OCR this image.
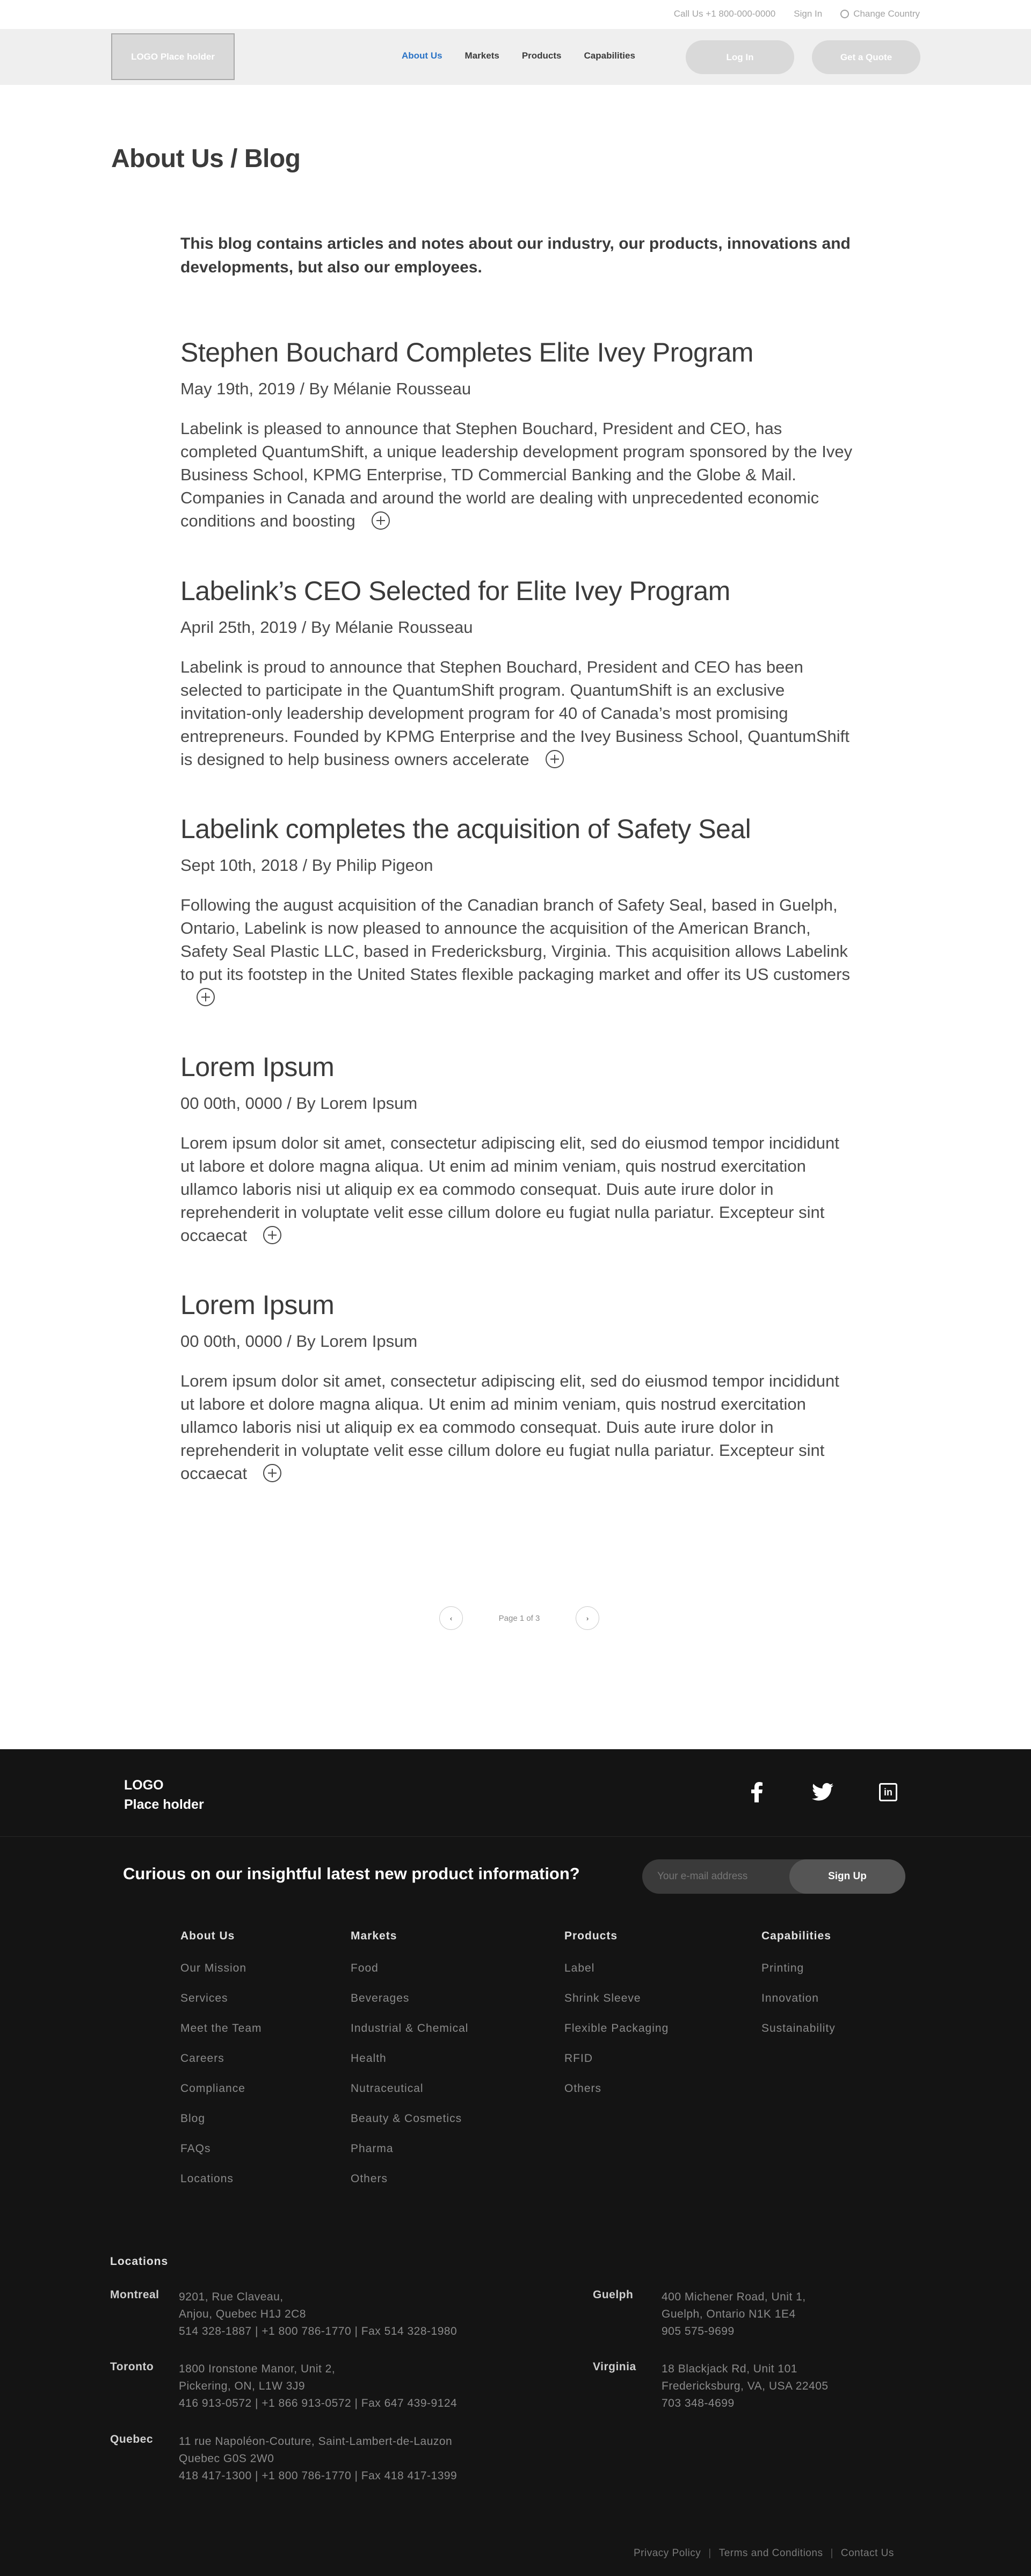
Call Us +1 800-000-0000 Sign In	Change Country
LOGO Place holder	About Us Markets Products Capabilities	Log In	Get a Quote
About Us / Blog

This blog contains articles and notes about our industry, our products, innovations and developments, but also our employees.

Stephen Bouchard Completes Elite Ivey Program
May 19th, 2019 / By Mélanie Rousseau

Labelink is pleased to announce that Stephen Bouchard, President and CEO, has completed QuantumShift, a unique leadership development program sponsored by the Ivey Business School, KPMG Enterprise, TD Commercial Banking and the Globe & Mail. Companies in Canada and around the world are dealing with unprecedented economic conditions and boosting

Labelink’s CEO Selected for Elite Ivey Program
April 25th, 2019 / By Mélanie Rousseau

Labelink is proud to announce that Stephen Bouchard, President and CEO has been selected to participate in the QuantumShift program. QuantumShift is an exclusive invitation-only leadership development program for 40 of Canada’s most promising entrepreneurs. Founded by KPMG Enterprise and the Ivey Business School, QuantumShift is designed to help business owners accelerate

Labelink completes the acquisition of Safety Seal
Sept 10th, 2018 / By Philip Pigeon

Following the august acquisition of the Canadian branch of Safety Seal, based in Guelph, Ontario, Labelink is now pleased to announce the acquisition of the American Branch, Safety Seal Plastic LLC, based in Fredericksburg, Virginia. This acquisition allows Labelink to put its footstep in the United States flexible packaging market and offer its US customers

Lorem Ipsum
00 00th, 0000 / By Lorem Ipsum

Lorem ipsum dolor sit amet, consectetur adipiscing elit, sed do eiusmod tempor incididunt ut labore et dolore magna aliqua. Ut enim ad minim veniam, quis nostrud exercitation ullamco laboris nisi ut aliquip ex ea commodo consequat. Duis aute irure dolor in reprehenderit in voluptate velit esse cillum dolore eu fugiat nulla pariatur. Excepteur sint occaecat

Lorem Ipsum
00 00th, 0000 / By Lorem Ipsum

Lorem ipsum dolor sit amet, consectetur adipiscing elit, sed do eiusmod tempor incididunt ut labore et dolore magna aliqua. Ut enim ad minim veniam, quis nostrud exercitation ullamco laboris nisi ut aliquip ex ea commodo consequat. Duis aute irure dolor in reprehenderit in voluptate velit esse cillum dolore eu fugiat nulla pariatur. Excepteur sint occaecat

‹	Page 1 of 3	›
LOGO
Place holder
in
Curious on our insightful latest new product information?
Your e-mail address	Sign Up
About Us
Our Mission
Services
Meet the Team
Careers
Compliance
Blog
FAQs
Locations
Markets
Food
Beverages
Industrial & Chemical
Health
Nutraceutical
Beauty & Cosmetics
Pharma
Others
Products
Label
Shrink Sleeve
Flexible Packaging
RFID
Others
Capabilities
Printing
Innovation
Sustainability
Locations
Montreal	9201, Rue Claveau,
Anjou, Quebec H1J 2C8
514 328-1887 | +1 800 786-1770 | Fax 514 328-1980
Toronto	1800 Ironstone Manor, Unit 2,
Pickering, ON, L1W 3J9
416 913-0572 | +1 866 913-0572 | Fax 647 439-9124
Quebec	11 rue Napoléon-Couture, Saint-Lambert-de-Lauzon
Quebec G0S 2W0
418 417-1300 | +1 800 786-1770 | Fax 418 417-1399
Guelph	400 Michener Road, Unit 1,
Guelph, Ontario N1K 1E4
905 575-9699
Virginia	18 Blackjack Rd, Unit 101
Fredericksburg, VA, USA 22405
703 348-4699
Privacy Policy | Terms and Conditions | Contact Us
